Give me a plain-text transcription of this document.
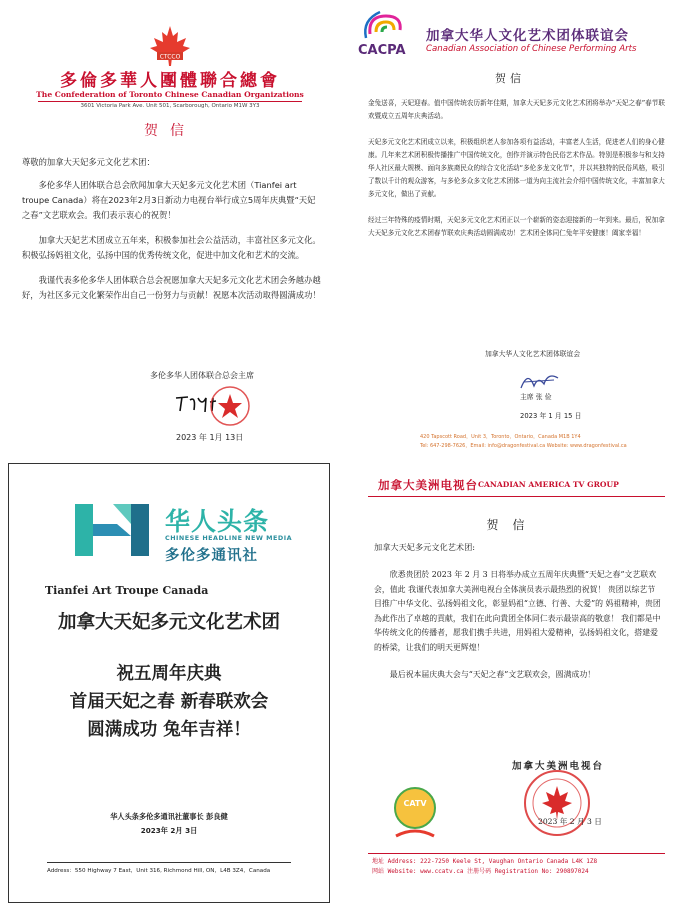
CTCCO
多倫多華人團體聯合總會
The Confederation of Toronto Chinese Canadian Organizations
3601 Victoria Park Ave. Unit 501, Scarborough, Ontario M1W 3Y3
贺信

尊敬的加拿大天妃多元文化艺术团：

多伦多华人团体联合总会欣闻加拿大天妃多元文化艺术团（Tianfei art troupe Canada）将在2023年2月3日新动力电视台举行成立5周年庆典暨“天妃之春”文艺联欢会。我们表示衷心的祝贺！

加拿大天妃艺术团成立五年来，积极参加社会公益活动，丰富社区多元文化。积极弘扬妈祖文化，弘扬中国的优秀传统文化，促进中加文化和艺术的交流。

我谨代表多伦多华人团体联合总会祝愿加拿大天妃多元文化艺术团会务越办越好，为社区多元文化繁荣作出自己一份努力与贡献！祝愿本次活动取得圆满成功！

多伦多华人团体联合总会主席
2023 年 1月 13日
CACPA
加拿大华人文化艺术团体联谊会
Canadian Association of Chinese Performing Arts
贺信

金兔送喜，天妃迎春。值中国传统农历新年佳期，加拿大天妃多元文化艺术团将举办“天妃之春”春节联欢暨成立五周年庆典活动。

天妃多元文化艺术团成立以来，积极组织老人参加各项有益活动，丰富老人生活，促进老人们的身心健康。几年来艺术团积极传播推广中国传统文化，创作并演示特色民俗艺术作品。特别是积极参与和支持华人社区最大规模、面向多族裔民众的综合文化活动“多伦多龙文化节”，并以其独特的民俗风格，吸引了数以千计的观众游客，与多伦多众多文化艺术团体一道为向主流社会介绍中国传统文化，丰富加拿大多元文化，做出了贡献。

经过三年特殊的疫情时期，天妃多元文化艺术团正以一个崭新的姿态迎接新的一年到来。最后，祝加拿大天妃多元文化艺术团春节联欢庆典活动圆满成功！艺术团全体同仁兔年平安健康！阖家幸福！

加拿大华人文化艺术团体联谊会
主席 张 俭
2023 年 1 月 15 日
420 Tapscott Road，Unit 3，Toronto，Ontario，Canada M1B 1Y4
Tel: 647-298-7626，Email: info@dragonfestival.ca Website: www.dragonfestival.ca
华人头条
CHINESE HEADLINE NEW MEDIA
多伦多通讯社
Tianfei Art Troupe Canada
加拿大天妃多元文化艺术团
祝五周年庆典
首届天妃之春 新春联欢会
圆满成功 兔年吉祥！
华人头条多伦多通讯社董事长 彭良健
2023年 2月 3日
Address：550 Highway 7 East，Unit 316, Richmond Hill, ON，L4B 3Z4，Canada
加拿大美洲电视台 CANADIAN AMERICA TV GROUP
贺信
加拿大天妃多元文化艺术团:

欣悉贵团於 2023 年 2 月 3 日将举办成立五周年庆典暨“天妃之春”文艺联欢会，值此 我谨代表加拿大美洲电视台全体演员表示最热烈的祝賀！ 贵团以综艺节目推广中华文化、弘扬妈祖文化，彰显妈祖“立德、行善、大爱”的 妈祖精神，贵团為此作出了卓越的貢献，我们在此向貴团全体同仁表示最崇高的敬意！ 我们都是中华传统文化的传播者，愿我们携手共进，用妈祖大爱精神，弘扬妈祖文化，搭建爱的桥梁，让我们的明天更辉煌！

最后祝本届庆典大会与“天妃之春”文艺联欢会，圆满成功！

加拿大美洲电视台
CATV
2023 年 2 月 3 日
地址 Address: 222-7250 Keele St, Vaughan Ontario Canada L4K 1Z8
网站 Website: www.ccatv.ca 注册号码 Registration No: 290897024
